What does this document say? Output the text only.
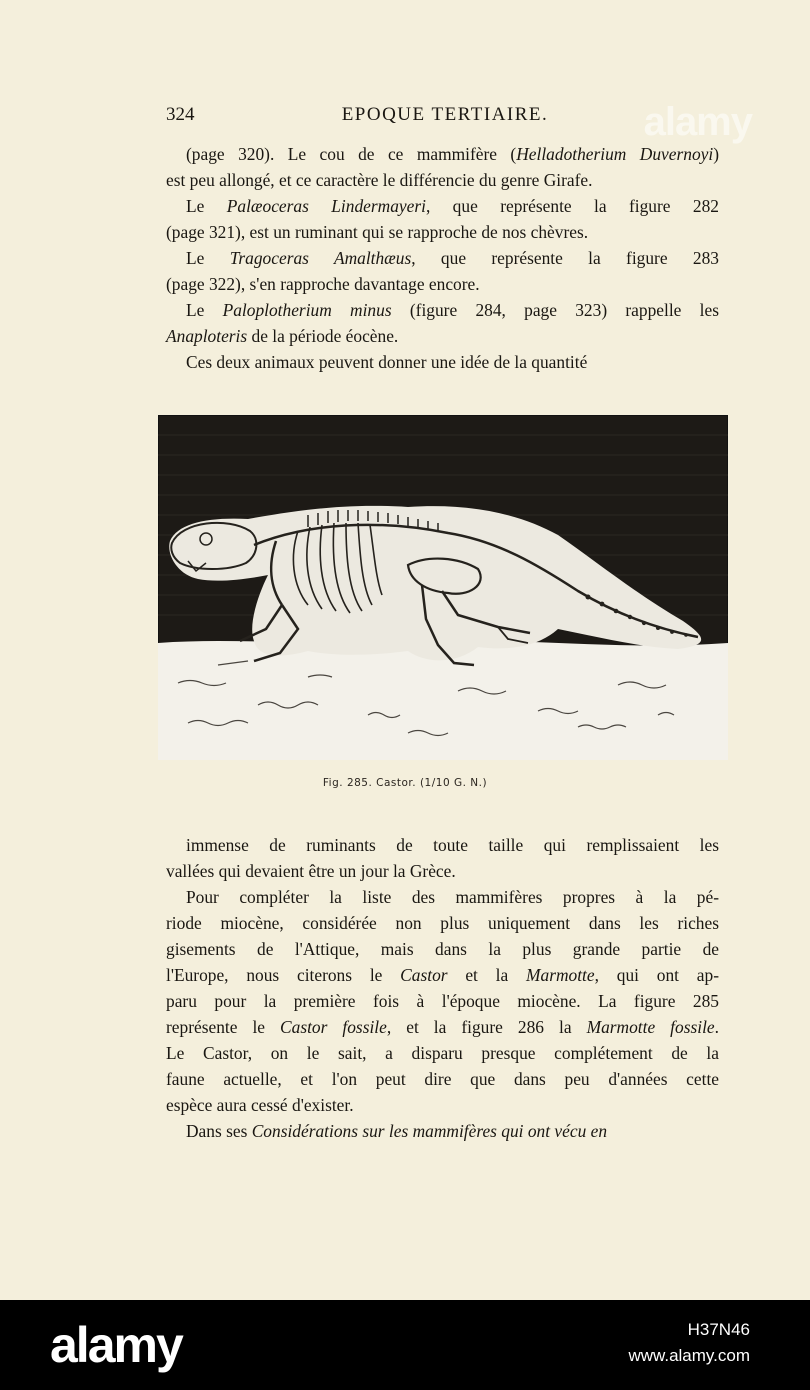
324	EPOQUE TERTIAIRE.
(page 320). Le cou de ce mammifère (Helladotherium Duvernoyi)
est peu allongé, et ce caractère le différencie du genre Girafe.
Le Palæoceras Lindermayeri, que représente la figure 282
(page 321), est un ruminant qui se rapproche de nos chèvres.
Le Tragoceras Amalthæus, que représente la figure 283
(page 322), s'en rapproche davantage encore.
Le Paloplotherium minus (figure 284, page 323) rappelle les
Anaploteris de la période éocène.
Ces deux animaux peuvent donner une idée de la quantité
Fig. 285. Castor. (1/10 G. N.)
immense de ruminants de toute taille qui remplissaient les
vallées qui devaient être un jour la Grèce.
Pour compléter la liste des mammifères propres à la pé-
riode miocène, considérée non plus uniquement dans les riches
gisements de l'Attique, mais dans la plus grande partie de
l'Europe, nous citerons le Castor et la Marmotte, qui ont ap-
paru pour la première fois à l'époque miocène. La figure 285
représente le Castor fossile, et la figure 286 la Marmotte fossile.
Le Castor, on le sait, a disparu presque complétement de la
faune actuelle, et l'on peut dire que dans peu d'années cette
espèce aura cessé d'exister.
Dans ses Considérations sur les mammifères qui ont vécu en
alamy
alamy	H37N46
www.alamy.com
